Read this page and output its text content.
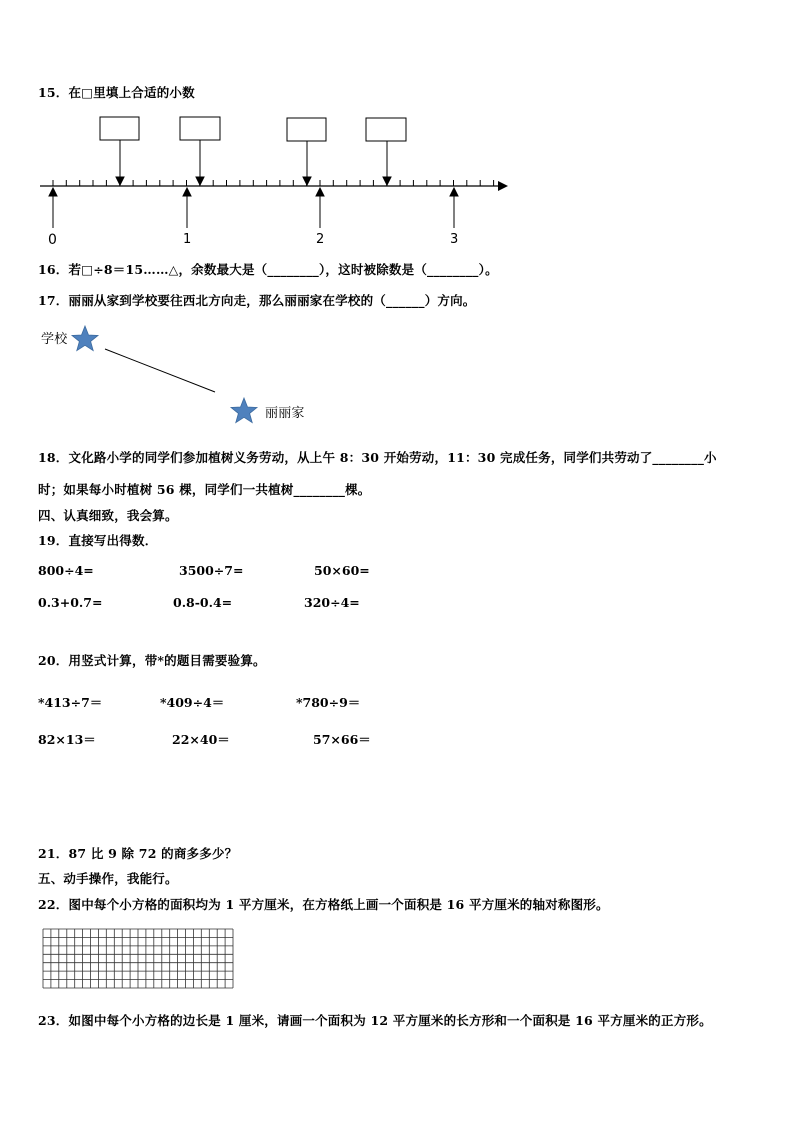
15．在□里填上合适的小数
0	1	2	3
16．若□÷8＝15……△，余数最大是（________），这时被除数是（________）。
17．丽丽从家到学校要往西北方向走，那么丽丽家在学校的（______）方向。
学校
丽丽家
18．文化路小学的同学们参加植树义务劳动，从上午 8：30 开始劳动，11：30 完成任务，同学们共劳动了________小
时；如果每小时植树 56 棵，同学们一共植树________棵。
四、认真细致，我会算。
19．直接写出得数．
800÷4=	3500÷7=	50×60=
0.3+0.7=	0.8-0.4=	320÷4=
20．用竖式计算，带*的题目需要验算。
*413÷7＝	*409÷4＝	*780÷9＝
82×13＝	22×40＝	57×66＝
21．87 比 9 除 72 的商多多少？
五、动手操作，我能行。
22．图中每个小方格的面积均为 1 平方厘米，在方格纸上画一个面积是 16 平方厘米的轴对称图形。
23．如图中每个小方格的边长是 1 厘米，请画一个面积为 12 平方厘米的长方形和一个面积是 16 平方厘米的正方形。
